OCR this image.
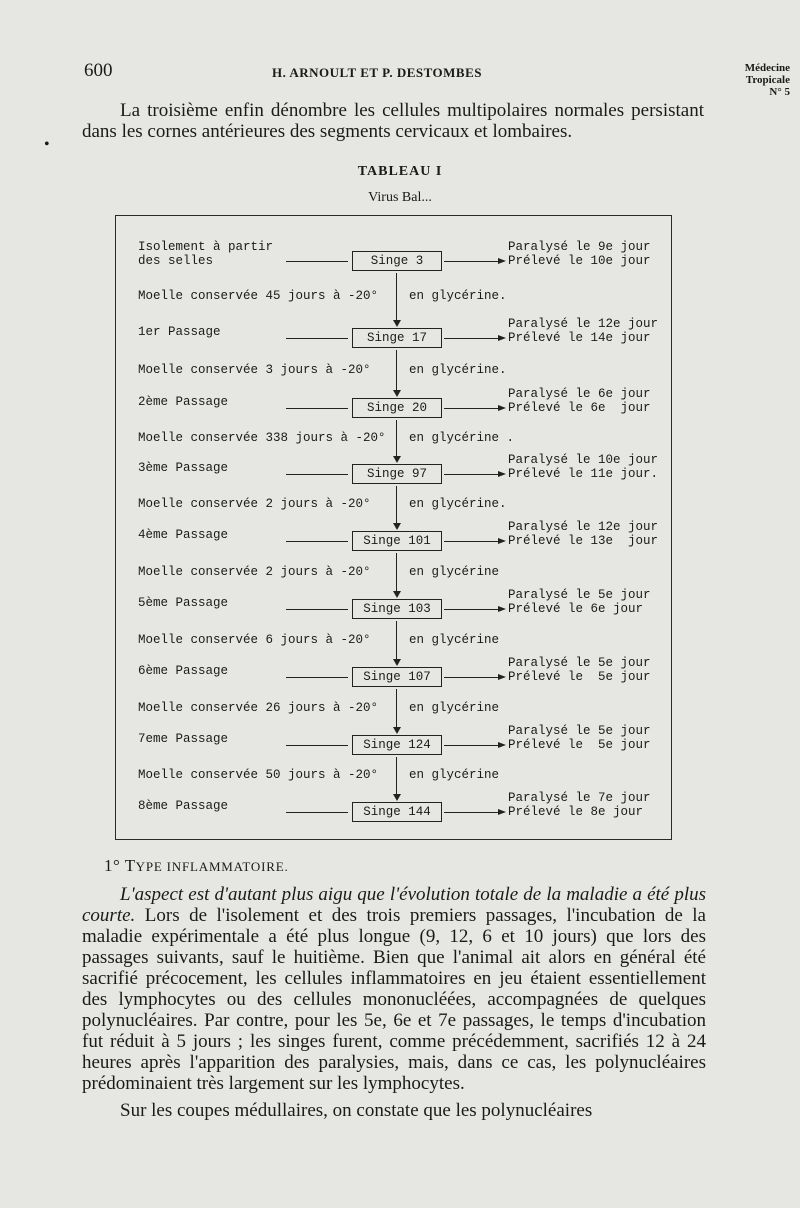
600	H. ARNOULT ET P. DESTOMBES	Médecine
Tropicale
N° 5
•

La troisième enfin dénombre les cellules multipolaires normales persistant dans les cornes antérieures des segments cervicaux et lombaires.

TABLEAU I
Virus Bal...
Isolement à partir
des selles	Singe 3
Paralysé le 9e jour
Prélevé le 10e jour
Moelle conservée 45 jours à -20° en glycérine.
1er Passage	Singe 17
Paralysé le 12e jour
Prélevé le 14e jour
Moelle conservée 3 jours à -20°	en glycérine.
2ème Passage	Singe 20
Paralysé le 6e jour
Prélevé le 6e  jour
Moelle conservée 338 jours à -20° en glycérine .
3ème Passage	Singe 97
Paralysé le 10e jour
Prélevé le 11e jour.
Moelle conservée 2 jours à -20°	en glycérine.
4ème Passage	Singe 101
Paralysé le 12e jour
Prélevé le 13e  jour
Moelle conservée 2 jours à -20°	en glycérine
5ème Passage	Singe 103
Paralysé le 5e jour
Prélevé le 6e jour
Moelle conservée 6 jours à -20°	en glycérine
6ème Passage	Singe 107
Paralysé le 5e jour
Prélevé le  5e jour
Moelle conservée 26 jours à -20° en glycérine
7eme Passage	Singe 124
Paralysé le 5e jour
Prélevé le  5e jour
Moelle conservée 50 jours à -20° en glycérine
8ème Passage	Singe 144
Paralysé le 7e jour
Prélevé le 8e jour
1° TYPE INFLAMMATOIRE.

L'aspect est d'autant plus aigu que l'évolution totale de la maladie a été plus courte. Lors de l'isolement et des trois premiers passages, l'incubation de la maladie expérimentale a été plus longue (9, 12, 6 et 10 jours) que lors des passages suivants, sauf le huitième. Bien que l'animal ait alors en général été sacrifié précocement, les cellules inflammatoires en jeu étaient essentiellement des lymphocytes ou des cellules mononucléées, accompagnées de quelques polynucléaires. Par contre, pour les 5e, 6e et 7e passages, le temps d'incubation fut réduit à 5 jours ; les singes furent, comme précédemment, sacrifiés 12 à 24 heures après l'apparition des paralysies, mais, dans ce cas, les polynucléaires prédominaient très largement sur les lymphocytes.

Sur les coupes médullaires, on constate que les polynucléaires
